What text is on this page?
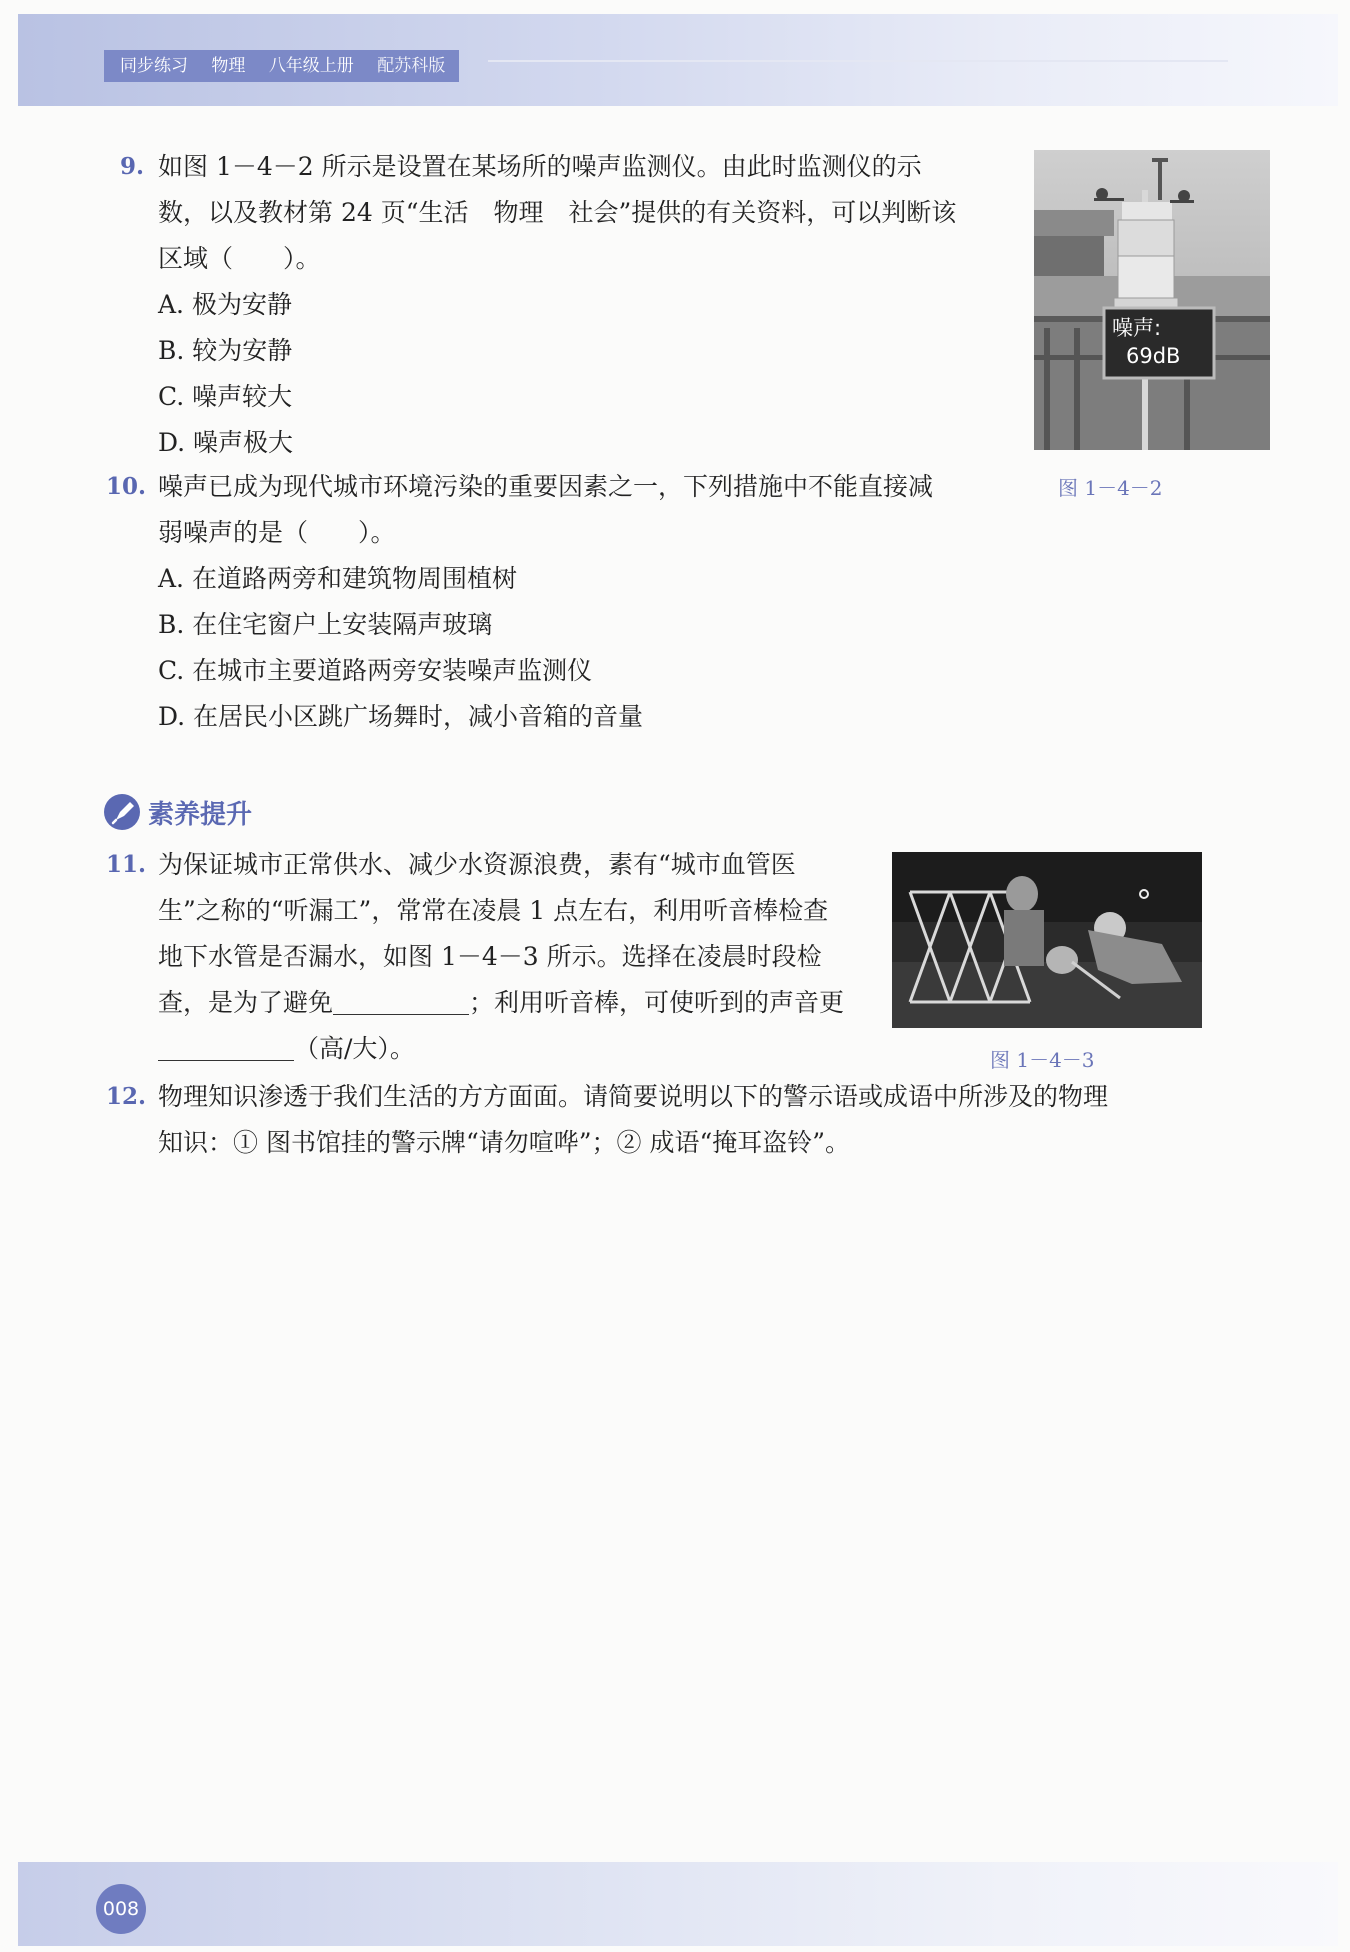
同步练习 物理 八年级上册 配苏科版
9. 如图 1－4－2 所示是设置在某场所的噪声监测仪。由此时监测仪的示
数，以及教材第 24 页“生活　物理　社会”提供的有关资料，可以判断该
区域（　　）。
A. 极为安静
B. 较为安静
C. 噪声较大
D. 噪声极大
噪声:
69dB
图 1－4－2
10. 噪声已成为现代城市环境污染的重要因素之一，下列措施中不能直接减
弱噪声的是（　　）。
A. 在道路两旁和建筑物周围植树
B. 在住宅窗户上安装隔声玻璃
C. 在城市主要道路两旁安装噪声监测仪
D. 在居民小区跳广场舞时，减小音箱的音量
素养提升
11. 为保证城市正常供水、减少水资源浪费，素有“城市血管医
生”之称的“听漏工”，常常在凌晨 1 点左右，利用听音棒检查
地下水管是否漏水，如图 1－4－3 所示。选择在凌晨时段检
查，是为了避免	；利用听音棒，可使听到的声音更
（高/大）。	图 1－4－3
12. 物理知识渗透于我们生活的方方面面。请简要说明以下的警示语或成语中所涉及的物理
知识：① 图书馆挂的警示牌“请勿喧哗”；② 成语“掩耳盗铃”。
008
